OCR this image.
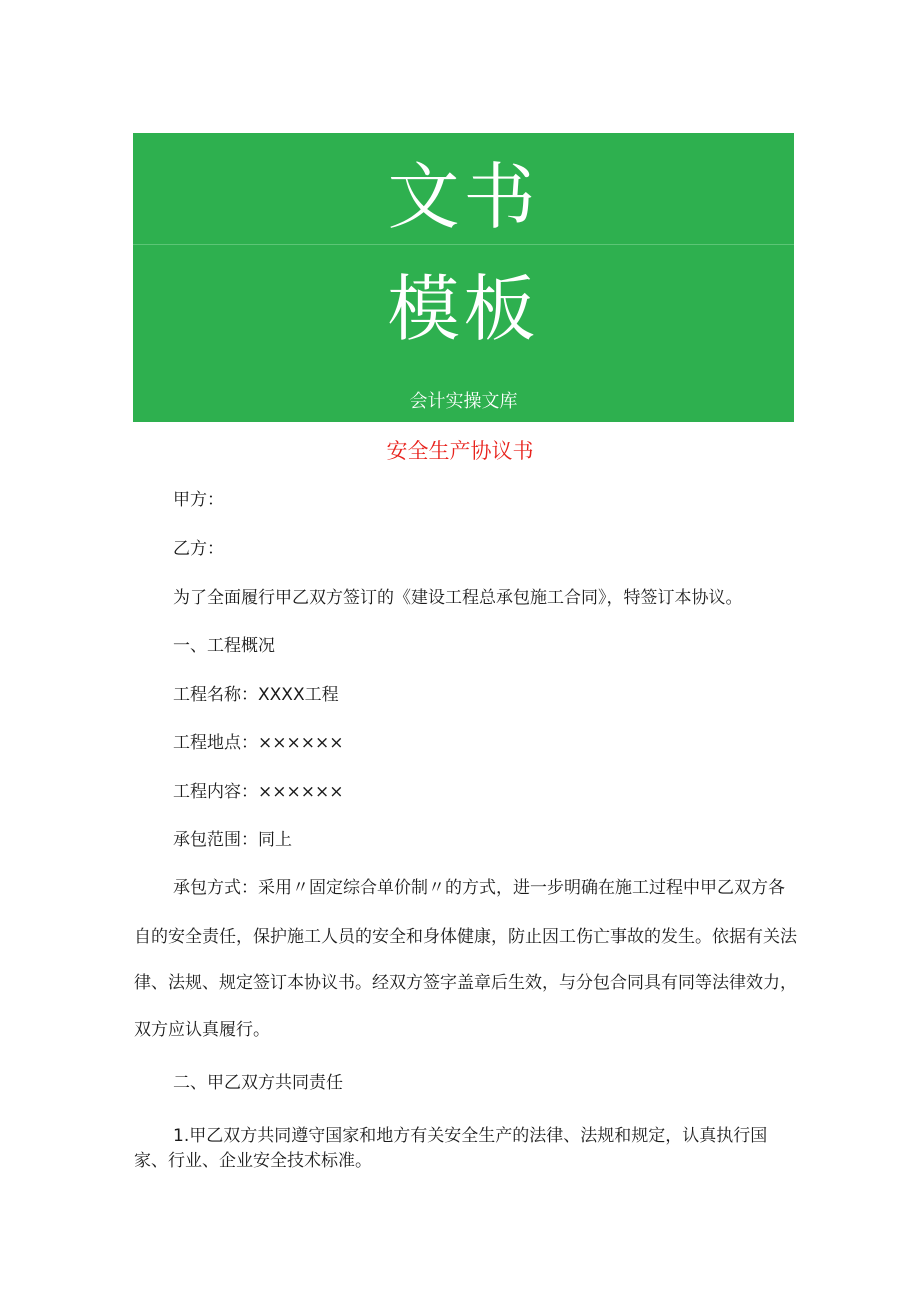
文书
模板
会计实操文库
安全生产协议书
甲方：
乙方：
为了全面履行甲乙双方签订的《建设工程总承包施工合同》，特签订本协议。
一、工程概况
工程名称：XXXX工程
工程地点：××××××
工程内容：××××××
承包范围：同上
承包方式：采用〃固定综合单价制〃的方式，进一步明确在施工过程中甲乙双方各
自的安全责任，保护施工人员的安全和身体健康，防止因工伤亡事故的发生。依据有关法
律、法规、规定签订本协议书。经双方签字盖章后生效，与分包合同具有同等法律效力，
双方应认真履行。
二、甲乙双方共同责任
1.甲乙双方共同遵守国家和地方有关安全生产的法律、法规和规定，认真执行国
家、行业、企业安全技术标准。
